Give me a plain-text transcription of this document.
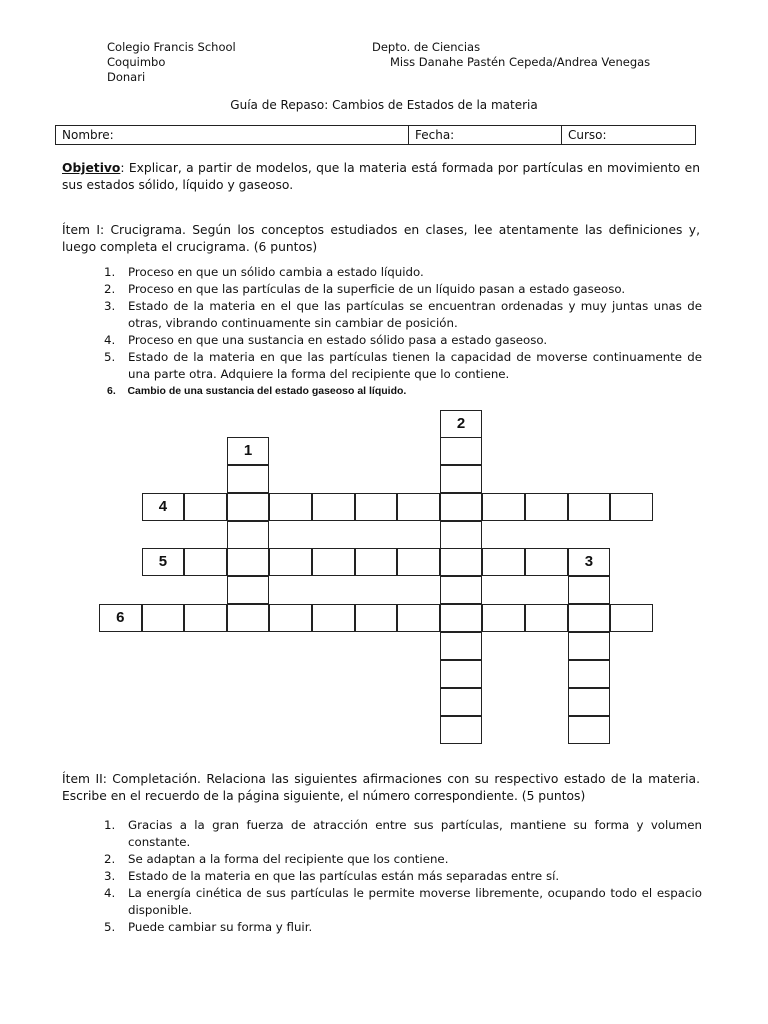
Colegio Francis School
Coquimbo
Donari
Depto. de Ciencias
Miss Danahe Pastén Cepeda/Andrea Venegas
Guía de Repaso: Cambios de Estados de la materia
Nombre:	Fecha:	Curso:
Objetivo: Explicar, a partir de modelos, que la materia está formada por partículas en movimiento en sus estados sólido, líquido y gaseoso.
Ítem I: Crucigrama. Según los conceptos estudiados en clases, lee atentamente las definiciones y, luego completa el crucigrama. (6 puntos)
1. Proceso en que un sólido cambia a estado líquido.
2. Proceso en que las partículas de la superficie de un líquido pasan a estado gaseoso.
3. Estado de la materia en el que las partículas se encuentran ordenadas y muy juntas unas de otras, vibrando continuamente sin cambiar de posición.
4. Proceso en que una sustancia en estado sólido pasa a estado gaseoso.
5. Estado de la materia en que las partículas tienen la capacidad de moverse continuamente de una parte otra. Adquiere la forma del recipiente que lo contiene.
6. Cambio de una sustancia del estado gaseoso al líquido.
2
1
4
5	3
6
Ítem II: Completación. Relaciona las siguientes afirmaciones con su respectivo estado de la materia. Escribe en el recuerdo de la página siguiente, el número correspondiente. (5 puntos)
1. Gracias a la gran fuerza de atracción entre sus partículas, mantiene su forma y volumen constante.
2. Se adaptan a la forma del recipiente que los contiene.
3. Estado de la materia en que las partículas están más separadas entre sí.
4. La energía cinética de sus partículas le permite moverse libremente, ocupando todo el espacio disponible.
5. Puede cambiar su forma y fluir.
